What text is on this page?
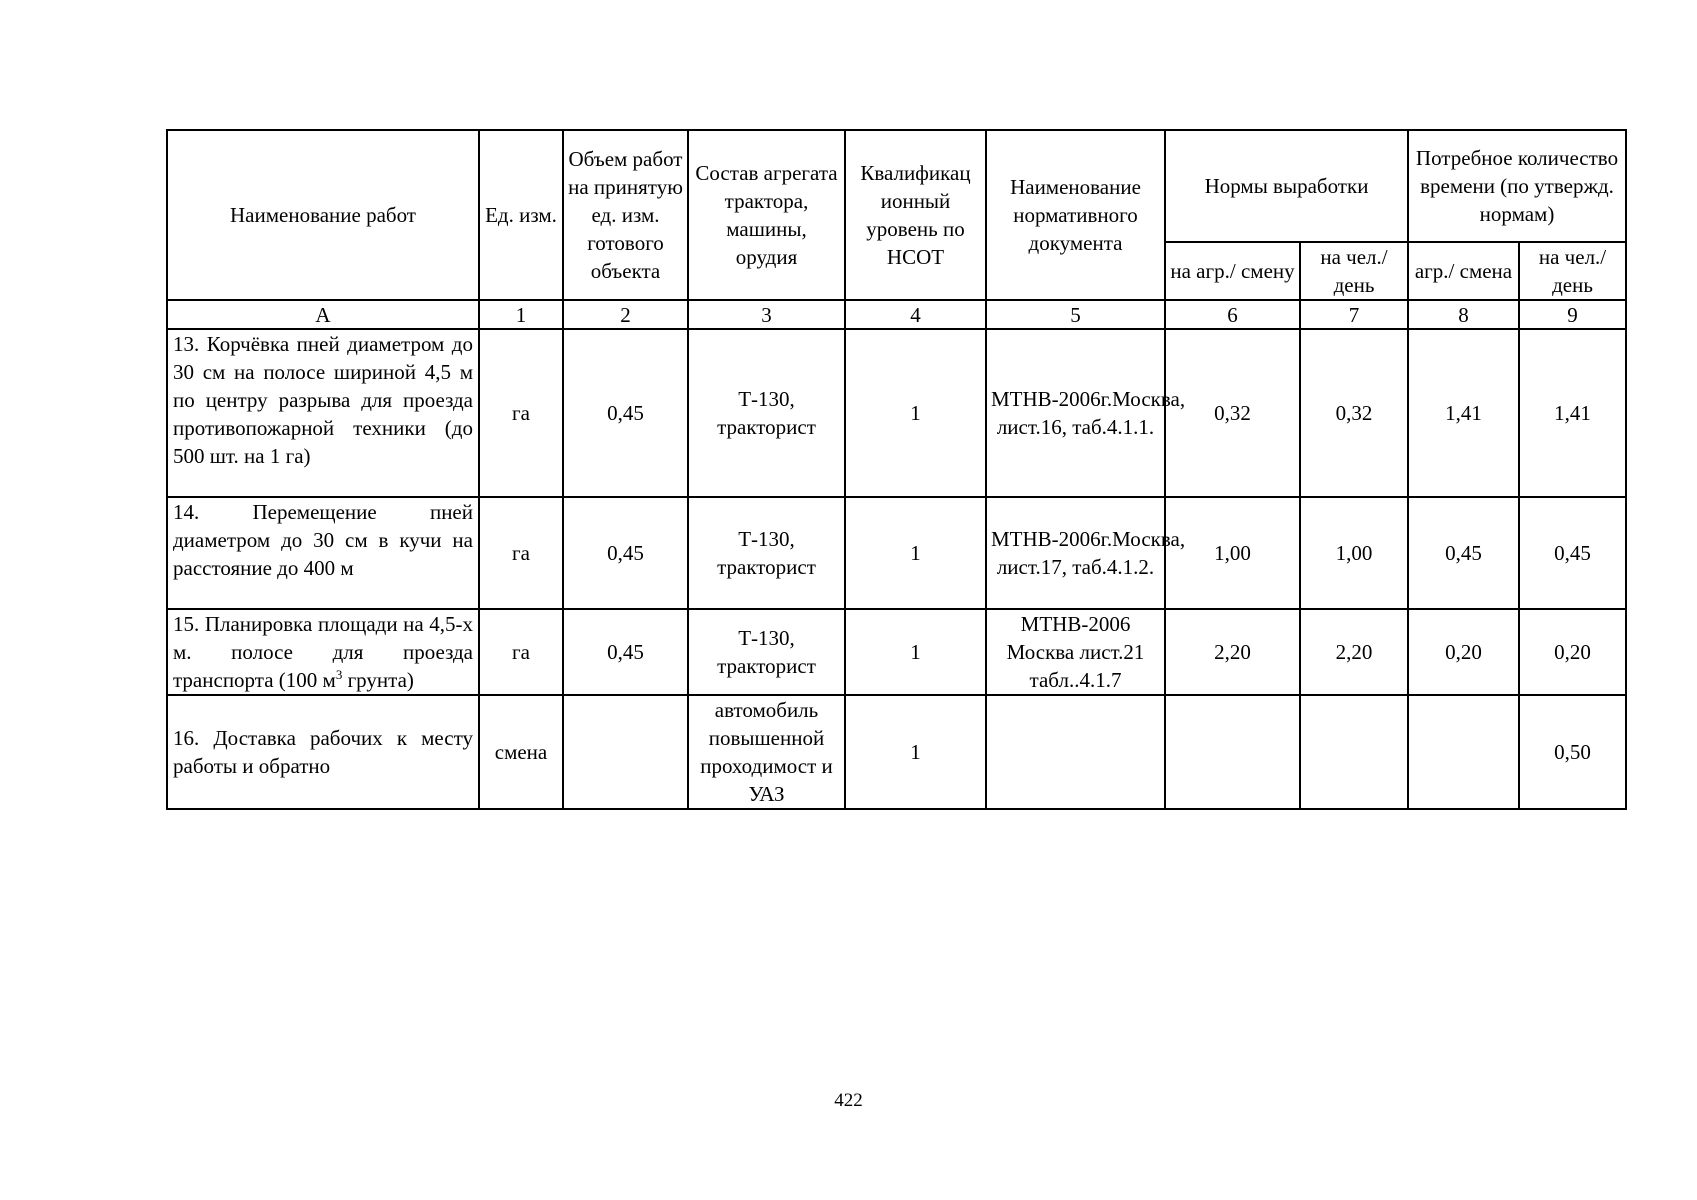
Наименование работ	Ед. изм.	Объем работ на принятую ед. изм. готового объекта	Состав агрегата трактора, машины, орудия	Квалификац ионный уровень по НСОТ	Наименование нормативного документа	Нормы выработки		Потребное количество времени (по утвержд. нормам)	
						на агр./ смену	на чел./ день	агр./ смена	на чел./ день
А	1	2	3	4	5	6	7	8	9
13. Корчёвка пней диаметром до 30 см на полосе шириной 4,5 м по центру разрыва для проезда противопожарной техники (до 500 шт. на 1 га)	га	0,45	Т-130, тракторист	1	МТНВ-2006г.Москва, лист.16, таб.4.1.1.	0,32	0,32	1,41	1,41
14. Перемещение пней диаметром до 30 см в кучи на расстояние до 400 м	га	0,45	Т-130, тракторист	1	МТНВ-2006г.Москва, лист.17, таб.4.1.2.	1,00	1,00	0,45	0,45
15. Планировка площади на 4,5-х м. полосе для проезда транспорта (100 $м^3$ грунта)	га	0,45	Т-130, тракторист	1	МТНВ-2006 Москва лист.21 табл..4.1.7	2,20	2,20	0,20	0,20
16. Доставка рабочих к месту работы и обратно	смена		автомобиль повышенной проходимост и УАЗ	1					0,50
422
